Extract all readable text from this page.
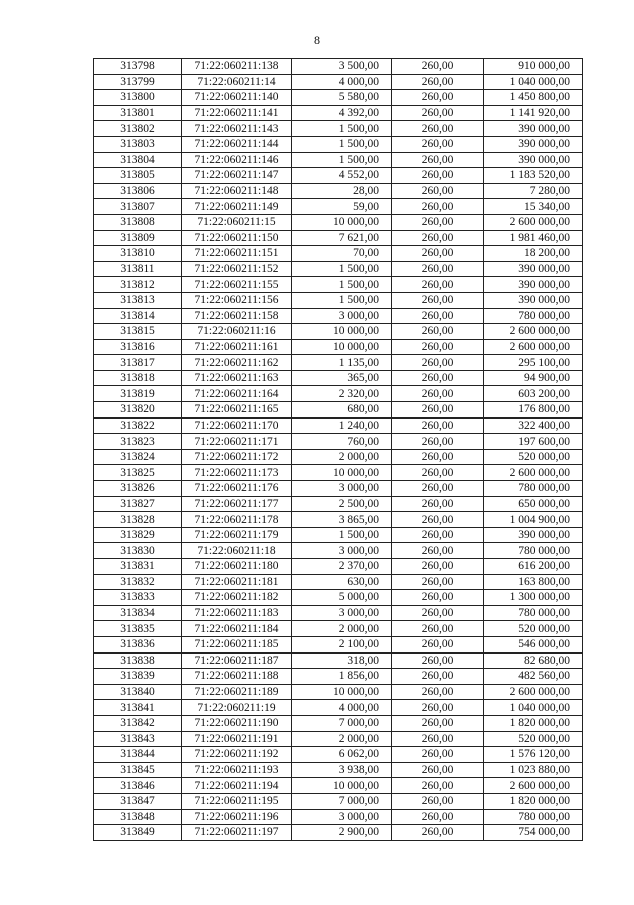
8
313798	71:22:060211:138	3 500,00	260,00	910 000,00
313799	71:22:060211:14	4 000,00	260,00	1 040 000,00
313800	71:22:060211:140	5 580,00	260,00	1 450 800,00
313801	71:22:060211:141	4 392,00	260,00	1 141 920,00
313802	71:22:060211:143	1 500,00	260,00	390 000,00
313803	71:22:060211:144	1 500,00	260,00	390 000,00
313804	71:22:060211:146	1 500,00	260,00	390 000,00
313805	71:22:060211:147	4 552,00	260,00	1 183 520,00
313806	71:22:060211:148	28,00	260,00	7 280,00
313807	71:22:060211:149	59,00	260,00	15 340,00
313808	71:22:060211:15	10 000,00	260,00	2 600 000,00
313809	71:22:060211:150	7 621,00	260,00	1 981 460,00
313810	71:22:060211:151	70,00	260,00	18 200,00
313811	71:22:060211:152	1 500,00	260,00	390 000,00
313812	71:22:060211:155	1 500,00	260,00	390 000,00
313813	71:22:060211:156	1 500,00	260,00	390 000,00
313814	71:22:060211:158	3 000,00	260,00	780 000,00
313815	71:22:060211:16	10 000,00	260,00	2 600 000,00
313816	71:22:060211:161	10 000,00	260,00	2 600 000,00
313817	71:22:060211:162	1 135,00	260,00	295 100,00
313818	71:22:060211:163	365,00	260,00	94 900,00
313819	71:22:060211:164	2 320,00	260,00	603 200,00
313820	71:22:060211:165	680,00	260,00	176 800,00
313822	71:22:060211:170	1 240,00	260,00	322 400,00
313823	71:22:060211:171	760,00	260,00	197 600,00
313824	71:22:060211:172	2 000,00	260,00	520 000,00
313825	71:22:060211:173	10 000,00	260,00	2 600 000,00
313826	71:22:060211:176	3 000,00	260,00	780 000,00
313827	71:22:060211:177	2 500,00	260,00	650 000,00
313828	71:22:060211:178	3 865,00	260,00	1 004 900,00
313829	71:22:060211:179	1 500,00	260,00	390 000,00
313830	71:22:060211:18	3 000,00	260,00	780 000,00
313831	71:22:060211:180	2 370,00	260,00	616 200,00
313832	71:22:060211:181	630,00	260,00	163 800,00
313833	71:22:060211:182	5 000,00	260,00	1 300 000,00
313834	71:22:060211:183	3 000,00	260,00	780 000,00
313835	71:22:060211:184	2 000,00	260,00	520 000,00
313836	71:22:060211:185	2 100,00	260,00	546 000,00
313838	71:22:060211:187	318,00	260,00	82 680,00
313839	71:22:060211:188	1 856,00	260,00	482 560,00
313840	71:22:060211:189	10 000,00	260,00	2 600 000,00
313841	71:22:060211:19	4 000,00	260,00	1 040 000,00
313842	71:22:060211:190	7 000,00	260,00	1 820 000,00
313843	71:22:060211:191	2 000,00	260,00	520 000,00
313844	71:22:060211:192	6 062,00	260,00	1 576 120,00
313845	71:22:060211:193	3 938,00	260,00	1 023 880,00
313846	71:22:060211:194	10 000,00	260,00	2 600 000,00
313847	71:22:060211:195	7 000,00	260,00	1 820 000,00
313848	71:22:060211:196	3 000,00	260,00	780 000,00
313849	71:22:060211:197	2 900,00	260,00	754 000,00
